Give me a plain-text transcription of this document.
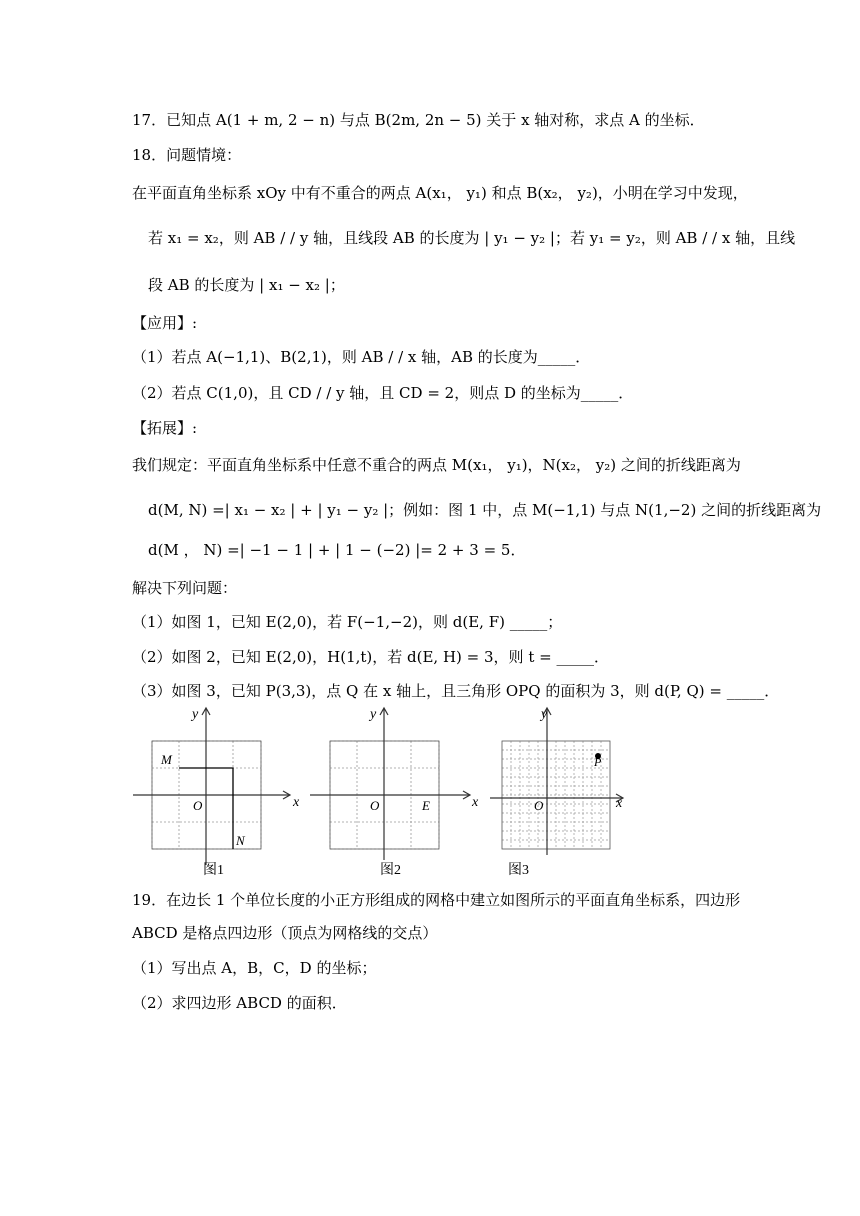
17．已知点 A(1 + m, 2 − n) 与点 B(2m, 2n − 5) 关于 x 轴对称，求点 A 的坐标．
18．问题情境：
在平面直角坐标系 xOy 中有不重合的两点 A(x₁， y₁) 和点 B(x₂， y₂)，小明在学习中发现，
若 x₁ = x₂，则 AB / / y 轴，且线段 AB 的长度为 | y₁ − y₂ |；若 y₁ = y₂，则 AB / / x 轴，且线
段 AB 的长度为 | x₁ − x₂ |；
【应用】:
（1）若点 A(−1,1)、B(2,1)，则 AB / / x 轴，AB 的长度为_____．
（2）若点 C(1,0)，且 CD / / y 轴，且 CD = 2，则点 D 的坐标为_____．
【拓展】:
我们规定：平面直角坐标系中任意不重合的两点 M(x₁， y₁)，N(x₂， y₂) 之间的折线距离为
d(M, N) =| x₁ − x₂ | + | y₁ − y₂ |；例如：图 1 中，点 M(−1,1) 与点 N(1,−2) 之间的折线距离为
d(M ， N) =| −1 − 1 | + | 1 − (−2) |= 2 + 3 = 5．
解决下列问题：
（1）如图 1，已知 E(2,0)，若 F(−1,−2)，则 d(E, F) _____；
（2）如图 2，已知 E(2,0)，H(1,t)，若 d(E, H) = 3，则 t = _____．
（3）如图 3，已知 P(3,3)，点 Q 在 x 轴上，且三角形 OPQ 的面积为 3，则 d(P, Q) = _____．
y
x
O
M
N
图1
y
x
O	E
图2
y
x
O
P
图3
19．在边长 1 个单位长度的小正方形组成的网格中建立如图所示的平面直角坐标系，四边形
ABCD 是格点四边形（顶点为网格线的交点）
（1）写出点 A，B，C，D 的坐标；
（2）求四边形 ABCD 的面积．
